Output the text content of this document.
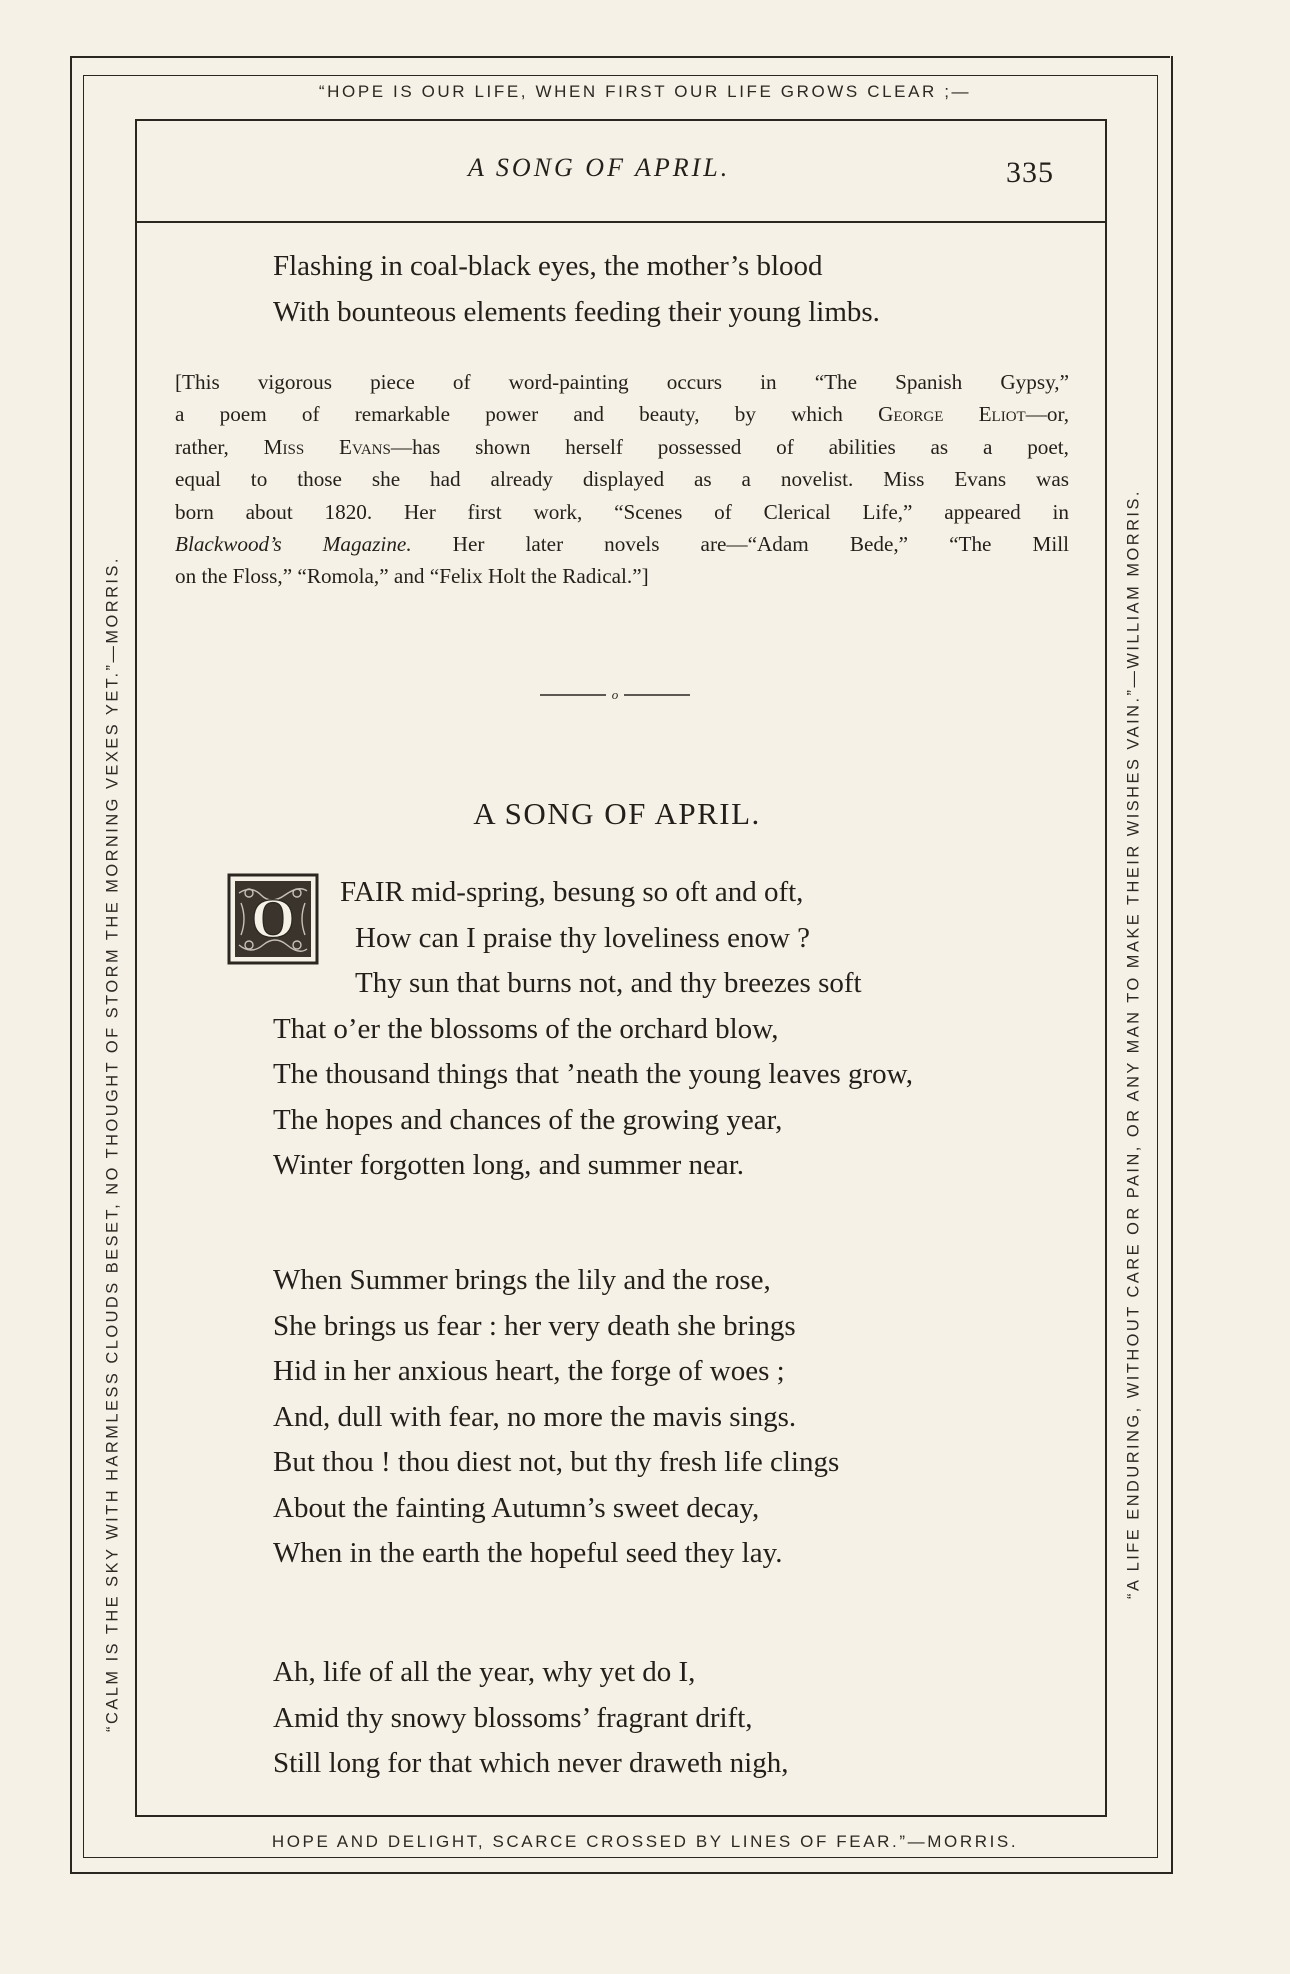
“HOPE IS OUR LIFE, WHEN FIRST OUR LIFE GROWS CLEAR ;—
HOPE AND DELIGHT, SCARCE CROSSED BY LINES OF FEAR.”—MORRIS.
“CALM IS THE SKY WITH HARMLESS CLOUDS BESET, NO THOUGHT OF STORM THE MORNING VEXES YET.”—MORRIS.	“A LIFE ENDURING, WITHOUT CARE OR PAIN, OR ANY MAN TO MAKE THEIR WISHES VAIN.”—WILLIAM MORRIS.
A SONG OF APRIL.	335
Flashing in coal-black eyes, the mother’s blood
With bounteous elements feeding their young limbs.

[This vigorous piece of word-painting occurs in “The Spanish Gypsy,”

a poem of remarkable power and beauty, by which George Eliot—or,

rather, Miss Evans—has shown herself possessed of abilities as a poet,

equal to those she had already displayed as a novelist. Miss Evans was

born about 1820. Her first work, “Scenes of Clerical Life,” appeared in

Blackwood’s Magazine. Her later novels are—“Adam Bede,” “The Mill

on the Floss,” “Romola,” and “Felix Holt the Radical.”]

o
A SONG OF APRIL.
O	FAIR mid-spring, besung so oft and oft,
How can I praise thy loveliness enow ?
Thy sun that burns not, and thy breezes soft
That o’er the blossoms of the orchard blow,
The thousand things that ’neath the young leaves grow,
The hopes and chances of the growing year,
Winter forgotten long, and summer near.
When Summer brings the lily and the rose,
She brings us fear : her very death she brings
Hid in her anxious heart, the forge of woes ;
And, dull with fear, no more the mavis sings.
But thou ! thou diest not, but thy fresh life clings
About the fainting Autumn’s sweet decay,
When in the earth the hopeful seed they lay.
Ah, life of all the year, why yet do I,
Amid thy snowy blossoms’ fragrant drift,
Still long for that which never draweth nigh,
